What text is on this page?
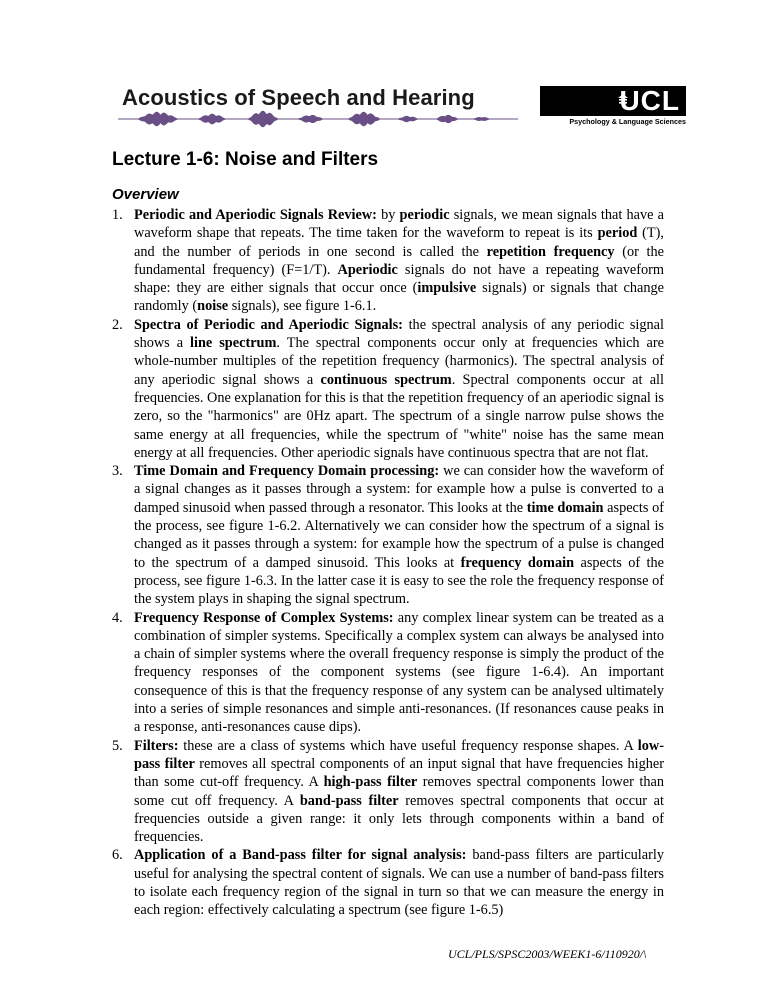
Acoustics of Speech and Hearing	UCL
Psychology & Language Sciences
Lecture 1-6: Noise and Filters
Overview
1. Periodic and Aperiodic Signals Review: by periodic signals, we mean signals that have a waveform shape that repeats. The time taken for the waveform to repeat is its period (T), and the number of periods in one second is called the repetition frequency (or the fundamental frequency) (F=1/T). Aperiodic signals do not have a repeating waveform shape: they are either signals that occur once (impulsive signals) or signals that change randomly (noise signals), see figure 1-6.1.
2. Spectra of Periodic and Aperiodic Signals: the spectral analysis of any periodic signal shows a line spectrum. The spectral components occur only at frequencies which are whole-number multiples of the repetition frequency (harmonics). The spectral analysis of any aperiodic signal shows a continuous spectrum. Spectral components occur at all frequencies. One explanation for this is that the repetition frequency of an aperiodic signal is zero, so the "harmonics" are 0Hz apart. The spectrum of a single narrow pulse shows the same energy at all frequencies, while the spectrum of "white" noise has the same mean energy at all frequencies. Other aperiodic signals have continuous spectra that are not flat.
3. Time Domain and Frequency Domain processing: we can consider how the waveform of a signal changes as it passes through a system: for example how a pulse is converted to a damped sinusoid when passed through a resonator. This looks at the time domain aspects of the process, see figure 1-6.2. Alternatively we can consider how the spectrum of a signal is changed as it passes through a system: for example how the spectrum of a pulse is changed to the spectrum of a damped sinusoid. This looks at frequency domain aspects of the process, see figure 1-6.3. In the latter case it is easy to see the role the frequency response of the system plays in shaping the signal spectrum.
4. Frequency Response of Complex Systems: any complex linear system can be treated as a combination of simpler systems. Specifically a complex system can always be analysed into a chain of simpler systems where the overall frequency response is simply the product of the frequency responses of the component systems (see figure 1-6.4). An important consequence of this is that the frequency response of any system can be analysed ultimately into a series of simple resonances and simple anti-resonances. (If resonances cause peaks in a response, anti-resonances cause dips).
5. Filters: these are a class of systems which have useful frequency response shapes. A low-pass filter removes all spectral components of an input signal that have frequencies higher than some cut-off frequency. A high-pass filter removes spectral components lower than some cut off frequency. A band-pass filter removes spectral components that occur at frequencies outside a given range: it only lets through components within a band of frequencies.
6. Application of a Band-pass filter for signal analysis: band-pass filters are particularly useful for analysing the spectral content of signals. We can use a number of band-pass filters to isolate each frequency region of the signal in turn so that we can measure the energy in each region: effectively calculating a spectrum (see figure 1-6.5)
UCL/PLS/SPSC2003/WEEK1-6/110920/\
